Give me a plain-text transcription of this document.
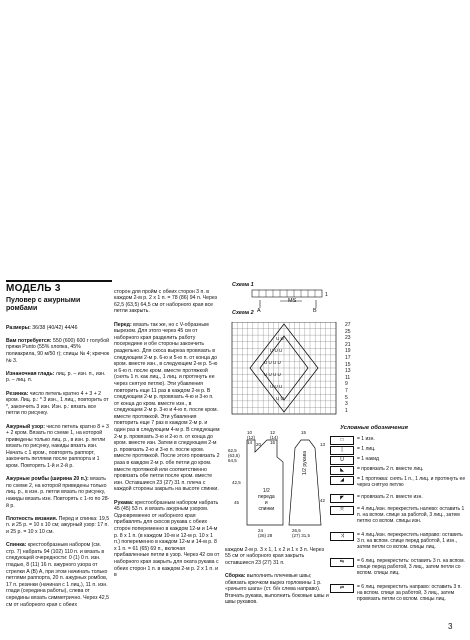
МОДЕЛЬ 3
Пуловер с ажурными
ромбами

Размеры: 36/38 (40/42) 44/46

Вам потребуется: 550 (600) 600 г голубой пряжи Punto (55% хлопка, 45% полиакрила, 90 м/50 г); спицы № 4; крючок № 3.

Изнаночная гладь: лиц. р. – изн. п., изн. р. – лиц. п.

Резинка: число петель кратно 4 + 3 + 2 кром. Лиц. р.: * 3 изн., 1 лиц., повторить от *, закончить 3 изн. Изн. р.: вязать все петли по рисунку.

Ажурный узор: число петель кратно 8 + 3 + 2 кром. Вязать по схеме 1, на которой приведены только лиц. р., в изн. р. петли вязать по рисунку, накиды вязать изн. Начать с 1 кром., повторять раппорт, закончить петлями после раппорта и 1 кром. Повторять 1-й и 2-й р.

Ажурные ромбы (ширина 20 п.): вязать по схеме 2, на которой приведены только лиц. р., в изн. р. петли вязать по рисунку, накиды вязать изн. Повторять с 1-го по 28-й р.

Плотность вязания. Перед и спинка: 19,5 п. и 25 р. = 10 х 10 см; ажурный узор: 17 п. и 25 р. = 10 х 10 см.

Спинка: крестообразным набором (см. стр. 7) набрать 94 (102) 110 п. и вязать в следующей очередности: 0 (1) 0 п. изн. гладью, 8 (11) 16 п. ажурного узора от стрелки A (B) A, при этом начинать только петлями раппорта, 20 п. ажурных ромбов, 17 п. резинки (начиная с 1 лиц.), 11 п. изн. глади (середина работы), слева от середины вязать симметрично. Через 42,5 см от наборного края с обеих

сторон для пройм с обеих сторон 3 п. в каждом 2-м р. 2 х 1 п. = 78 (86) 94 п. Через 62,5 (63,5) 64,5 см от наборного края все петли закрыть.

Перед: вязать так же, но с V-образным вырезом. Для этого через 45 см от наборного края разделить работу посередине и обе стороны закончить раздельно. Для скоса выреза провязать в следующем 2-м р. 6-ю и 5-ю п. от конца до кром. вместе изн., в следующем 2-м р. 5-ю и 6-ю п. после кром. вместе протяжкой (снять 1 п. как лиц., 1 лиц. и протянуть ее через снятую петлю). Эти убавления повторить еще 11 раз в каждом 2-м р. В следующем 2-м р. провязать 4-ю и 3-ю п. от конца до кром. вместе изн., в следующем 2-м р. 3-ю и 4-ю п. после кром. вместе протяжкой. Эти убавления повторить еще 7 раз в каждом 2-м р. и один раз в следующем 4-м р. В следующем 2-м р. провязать 3-ю и 2-ю п. от конца до кром. вместе изн. Затем в следующем 2-м р. провязать 2-ю и 3-ю п. после кром. вместе протяжкой. После этого провязать 2 раза в каждом 2-м р. обе петли до кром. вместе протяжкой или соответственно провязать обе петли после кром. вместе изн. Оставшиеся 23 (27) 31 п. плеча с каждой стороны закрыть на высоте спинки.

Рукава: крестообразным набором набрать 45 (45) 53 п. и вязать ажурным узором. Одновременно от наборного края прибавлять для скосов рукава с обеих сторон попеременно в каждом 12-м и 14-м р. 8 х 1 п. (в каждом 10-м и 12-м р. 10 х 1 п.) попеременно в каждом 12-м и 14-м р. 8 х 1 п. = 61 (65) 69 п., включая прибавленные петли в узор. Через 42 см от наборного края закрыть для оката рукава с обеих сторон 1 п. в каждом 2-м р. 2 х 1 п. и в

Схема 1
Схема 2
1
MS
A	B
U U
U U U
U U U U
U U U U
U U U
U U
27
25
23
21
19
17
15
13
11
9
7
5
3
1
1/2
переда
и
спинки
1/2 рукава
10
(12)
14
12
(14)
16
20
62,5
(63,5)
64,5
42,5
45
24
(26) 28
15
13
42
26,5
(27) 31,5

каждом 2-м р. 3 х 1, 1 х 2 и 1 х 3 п. Через 55 см от наборного края закрыть оставшиеся 23 (27) 31 п.

Сборка: выполнить плечевые швы; обвязать крючком вырез горловины 1 р. «рачьего шага» (ст. б/н слева направо). Втачать рукава, выполнить боковые швы и швы рукавов.

Условные обозначения
□	= 1 изн.
|	= 1 лиц.
U	= 1 накид
◣	= провязать 2 п. вместе лиц.
◢	= 1 протяжка: снять 1 п., 1 лиц. и протянуть ее через снятую петлю
◤	= провязать 2 п. вместе изн.
⤧	= 4 лиц./изн. перекрестить налево: оставить 1 п. на вспом. спице за работой, 3 лиц., затем петлю со вспом. спицы изн.
⤨	= 4 лиц./изн. перекрестить направо: оставить 3 п. на вспом. спице перед работой, 1 изн., затем петли со вспом. спицы лиц.
⇆	= 6 лиц. перекрестить: оставить 3 п. на вспом. спице перед работой, 3 лиц., затем петли со вспом. спицы лиц.
⇄	= 6 лиц. перекрестить направо: оставить 3 п. на вспом. спице за работой, 3 лиц., затем провязать петли со вспом. спицы лиц.
3
